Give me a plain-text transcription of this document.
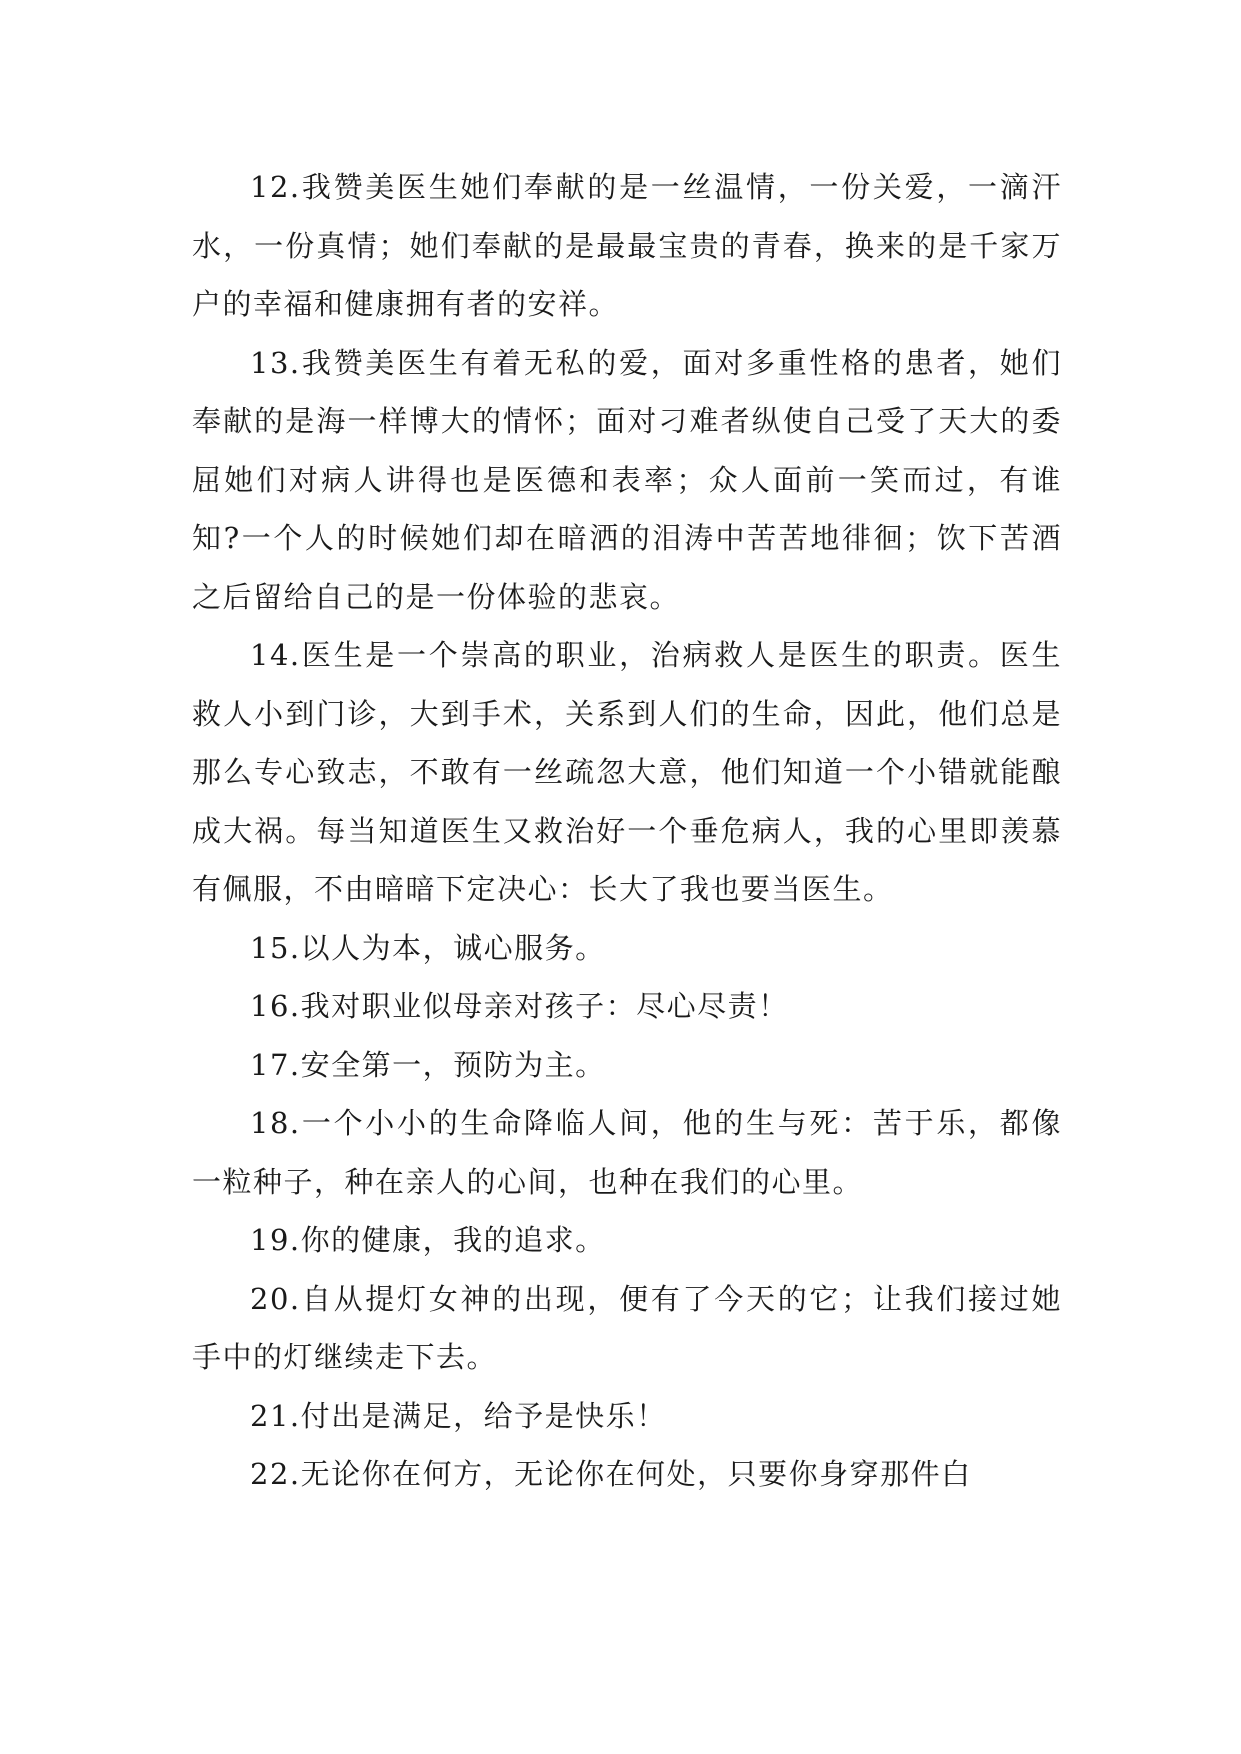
12.我赞美医生她们奉献的是一丝温情，一份关爱，一滴汗水，一份真情；她们奉献的是最最宝贵的青春，换来的是千家万户的幸福和健康拥有者的安祥。

13.我赞美医生有着无私的爱，面对多重性格的患者，她们奉献的是海一样博大的情怀；面对刁难者纵使自己受了天大的委屈她们对病人讲得也是医德和表率；众人面前一笑而过，有谁知?一个人的时候她们却在暗洒的泪涛中苦苦地徘徊；饮下苦酒之后留给自己的是一份体验的悲哀。

14.医生是一个崇高的职业，治病救人是医生的职责。医生救人小到门诊，大到手术，关系到人们的生命，因此，他们总是那么专心致志，不敢有一丝疏忽大意，他们知道一个小错就能酿成大祸。每当知道医生又救治好一个垂危病人，我的心里即羡慕有佩服，不由暗暗下定决心：长大了我也要当医生。

15.以人为本，诚心服务。

16.我对职业似母亲对孩子：尽心尽责！

17.安全第一，预防为主。

18.一个小小的生命降临人间，他的生与死：苦于乐，都像一粒种子，种在亲人的心间，也种在我们的心里。

19.你的健康，我的追求。

20.自从提灯女神的出现，便有了今天的它；让我们接过她手中的灯继续走下去。

21.付出是满足，给予是快乐！

22.无论你在何方，无论你在何处，只要你身穿那件白
